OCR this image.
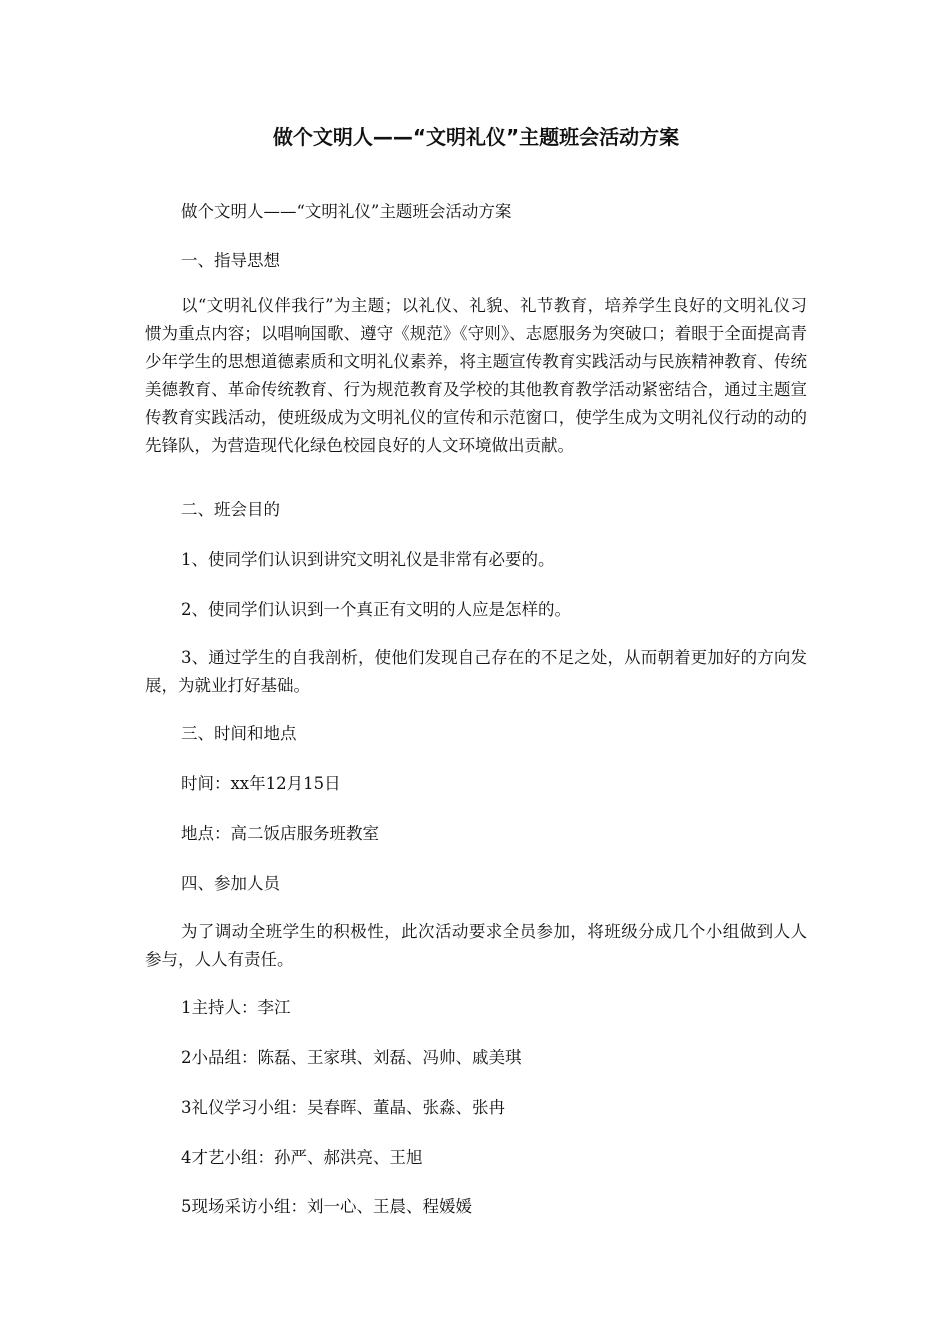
做个文明人——“文明礼仪”主题班会活动方案

做个文明人——“文明礼仪”主题班会活动方案

一、指导思想

以“文明礼仪伴我行”为主题；以礼仪、礼貌、礼节教育，培养学生良好的文明礼仪习惯为重点内容；以唱响国歌、遵守《规范》《守则》、志愿服务为突破口；着眼于全面提高青少年学生的思想道德素质和文明礼仪素养，将主题宣传教育实践活动与民族精神教育、传统美德教育、革命传统教育、行为规范教育及学校的其他教育教学活动紧密结合，通过主题宣传教育实践活动，使班级成为文明礼仪的宣传和示范窗口，使学生成为文明礼仪行动的动的先锋队，为营造现代化绿色校园良好的人文环境做出贡献。

二、班会目的

1、使同学们认识到讲究文明礼仪是非常有必要的。

2、使同学们认识到一个真正有文明的人应是怎样的。

3、通过学生的自我剖析，使他们发现自己存在的不足之处，从而朝着更加好的方向发展，为就业打好基础。

三、时间和地点

时间：xx年12月15日

地点：高二饭店服务班教室

四、参加人员

为了调动全班学生的积极性，此次活动要求全员参加，将班级分成几个小组做到人人参与，人人有责任。

1主持人：李江

2小品组：陈磊、王家琪、刘磊、冯帅、戚美琪

3礼仪学习小组：吴春晖、董晶、张淼、张冉

4才艺小组：孙严、郝洪亮、王旭

5现场采访小组：刘一心、王晨、程媛媛
